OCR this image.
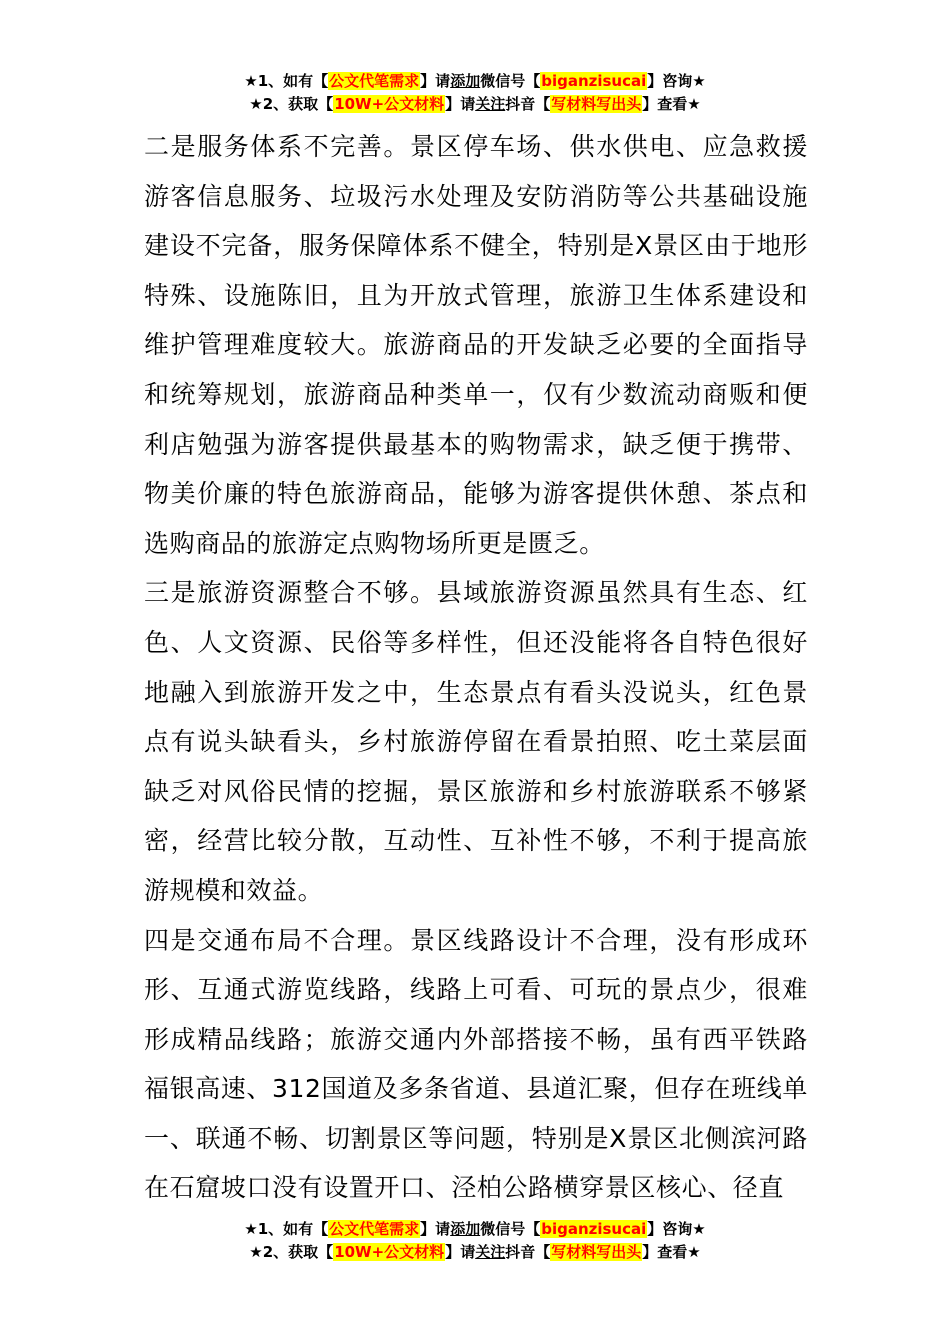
★1、如有【公文代笔需求】请添加微信号【biganzisucai】咨询★
★2、获取【10W+公文材料】请关注抖音【写材料写出头】查看★

二是服务体系不完善。景区停车场、供水供电、应急救援游客信息服务、垃圾污水处理及安防消防等公共基础设施建设不完备，服务保障体系不健全，特别是X景区由于地形特殊、设施陈旧，且为开放式管理，旅游卫生体系建设和维护管理难度较大。旅游商品的开发缺乏必要的全面指导和统筹规划，旅游商品种类单一，仅有少数流动商贩和便利店勉强为游客提供最基本的购物需求，缺乏便于携带、物美价廉的特色旅游商品，能够为游客提供休憩、茶点和选购商品的旅游定点购物场所更是匮乏。

三是旅游资源整合不够。县域旅游资源虽然具有生态、红色、人文资源、民俗等多样性，但还没能将各自特色很好地融入到旅游开发之中，生态景点有看头没说头，红色景点有说头缺看头，乡村旅游停留在看景拍照、吃土菜层面缺乏对风俗民情的挖掘，景区旅游和乡村旅游联系不够紧密，经营比较分散，互动性、互补性不够，不利于提高旅游规模和效益。

四是交通布局不合理。景区线路设计不合理，没有形成环形、互通式游览线路，线路上可看、可玩的景点少，很难形成精品线路；旅游交通内外部搭接不畅，虽有西平铁路福银高速、312国道及多条省道、县道汇聚，但存在班线单一、联通不畅、切割景区等问题，特别是X景区北侧滨河路在石窟坡口没有设置开口、泾柏公路横穿景区核心、径直

★1、如有【公文代笔需求】请添加微信号【biganzisucai】咨询★
★2、获取【10W+公文材料】请关注抖音【写材料写出头】查看★
